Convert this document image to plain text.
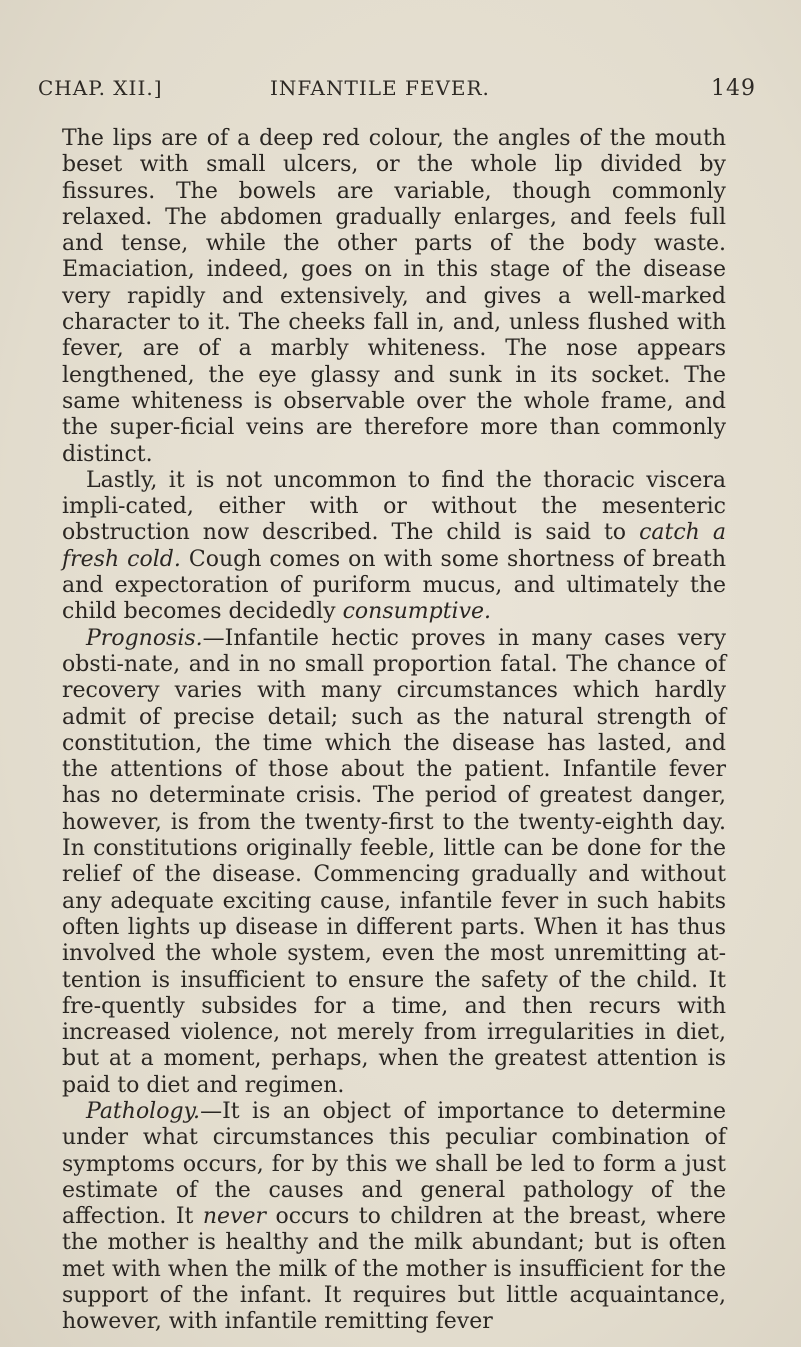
CHAP. XII.]	INFANTILE FEVER.	149

The lips are of a deep red colour, the angles of the mouth beset with small ulcers, or the whole lip divided by fissures. The bowels are variable, though commonly relaxed. The abdomen gradually enlarges, and feels full and tense, while the other parts of the body waste. Emaciation, indeed, goes on in this stage of the disease very rapidly and extensively, and gives a well-marked character to it. The cheeks fall in, and, unless flushed with fever, are of a marbly whiteness. The nose appears lengthened, the eye glassy and sunk in its socket. The same whiteness is observable over the whole frame, and the super-ficial veins are therefore more than commonly distinct.

Lastly, it is not uncommon to find the thoracic viscera impli-cated, either with or without the mesenteric obstruction now described. The child is said to catch a fresh cold. Cough comes on with some shortness of breath and expectoration of puriform mucus, and ultimately the child becomes decidedly consumptive.

Prognosis.—Infantile hectic proves in many cases very obsti-nate, and in no small proportion fatal. The chance of recovery varies with many circumstances which hardly admit of precise detail; such as the natural strength of constitution, the time which the disease has lasted, and the attentions of those about the patient. Infantile fever has no determinate crisis. The period of greatest danger, however, is from the twenty-first to the twenty-eighth day. In constitutions originally feeble, little can be done for the relief of the disease. Commencing gradually and without any adequate exciting cause, infantile fever in such habits often lights up disease in different parts. When it has thus involved the whole system, even the most unremitting at-tention is insufficient to ensure the safety of the child. It fre-quently subsides for a time, and then recurs with increased violence, not merely from irregularities in diet, but at a moment, perhaps, when the greatest attention is paid to diet and regimen.

Pathology.—It is an object of importance to determine under what circumstances this peculiar combination of symptoms occurs, for by this we shall be led to form a just estimate of the causes and general pathology of the affection. It never occurs to children at the breast, where the mother is healthy and the milk abundant; but is often met with when the milk of the mother is insufficient for the support of the infant. It requires but little acquaintance, however, with infantile remitting fever
